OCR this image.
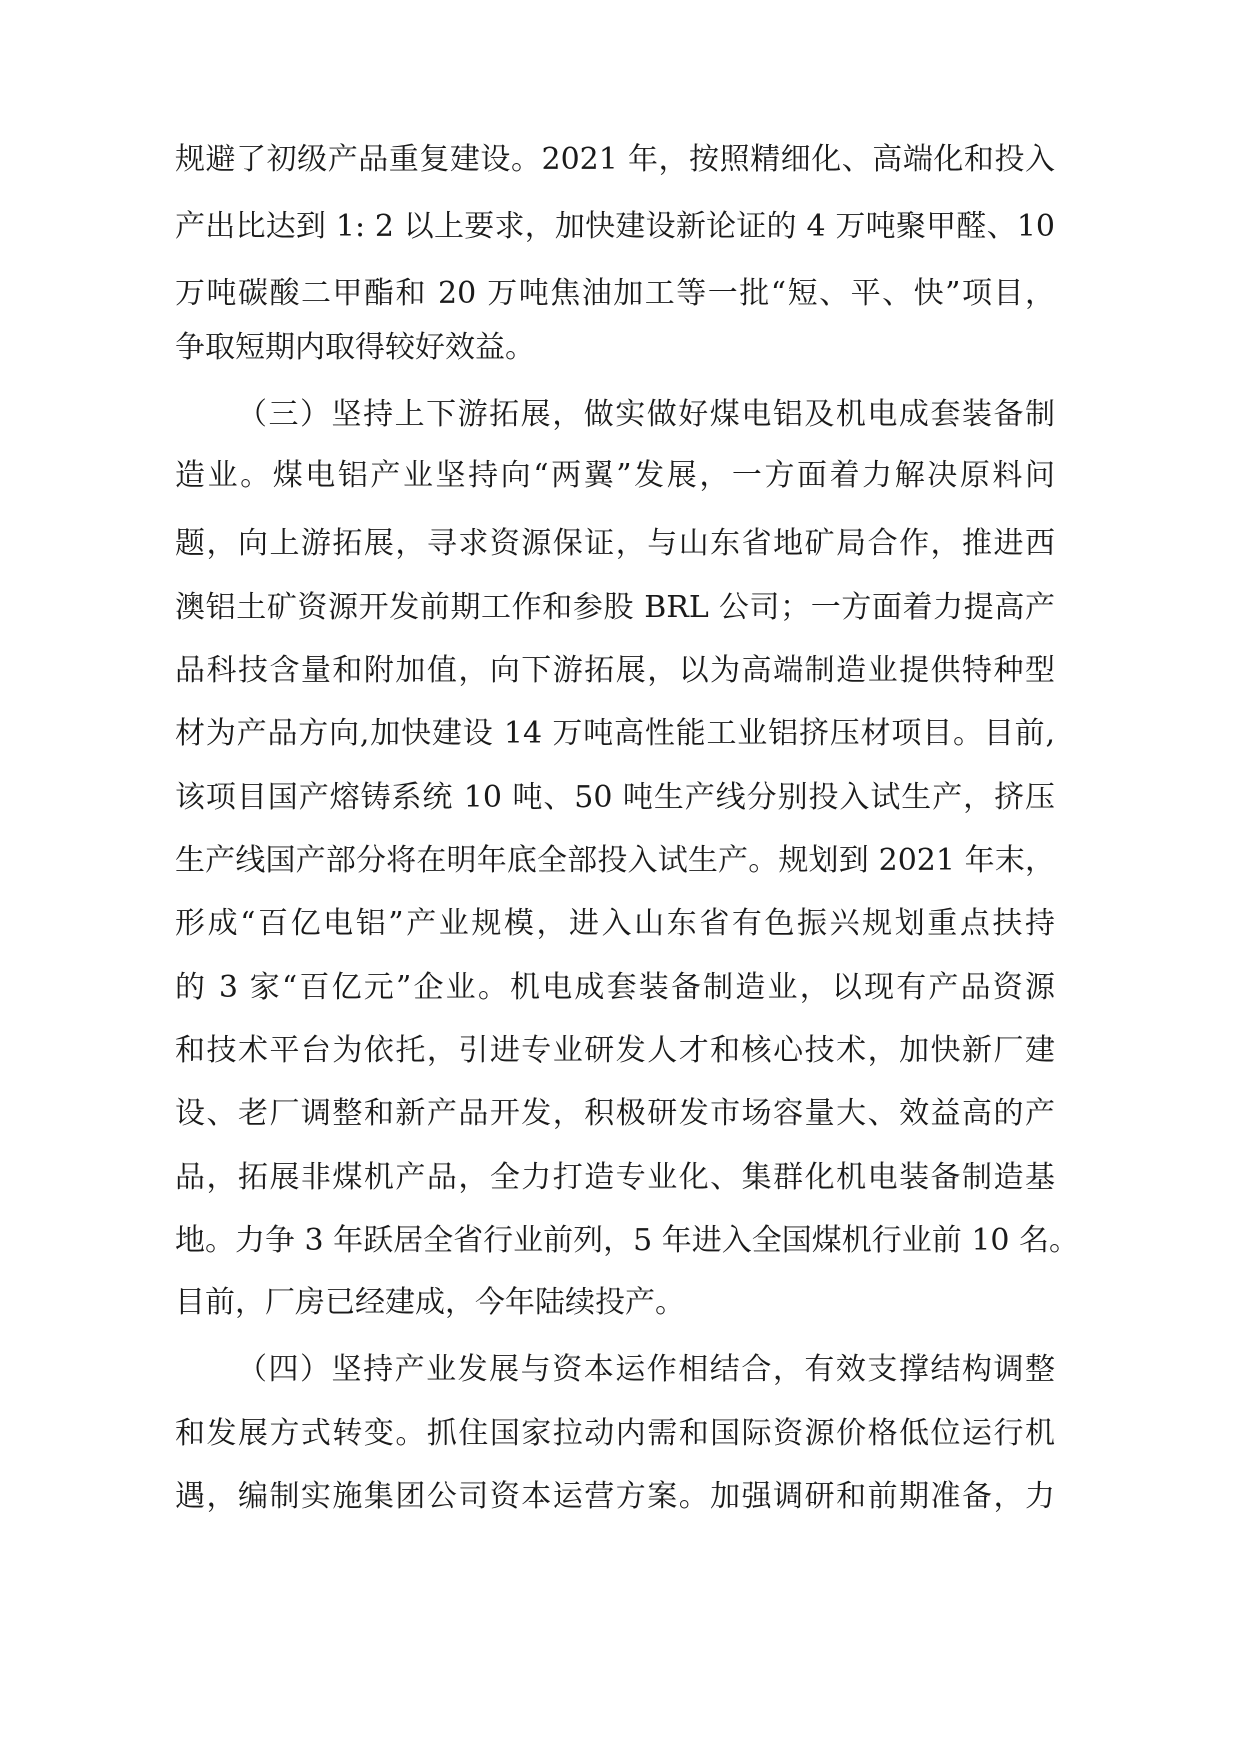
规避了初级产品重复建设。2021 年，按照精细化、高端化和投入
产出比达到 1: 2 以上要求，加快建设新论证的 4 万吨聚甲醛、10
万吨碳酸二甲酯和 20 万吨焦油加工等一批“短、平、快”项目，
争取短期内取得较好效益。
（三）坚持上下游拓展，做实做好煤电铝及机电成套装备制
造业。煤电铝产业坚持向“两翼”发展，一方面着力解决原料问
题，向上游拓展，寻求资源保证，与山东省地矿局合作，推进西
澳铝土矿资源开发前期工作和参股 BRL 公司；一方面着力提高产
品科技含量和附加值，向下游拓展，以为高端制造业提供特种型
材为产品方向,加快建设 14 万吨高性能工业铝挤压材项目。目前,
该项目国产熔铸系统 10 吨、50 吨生产线分别投入试生产，挤压
生产线国产部分将在明年底全部投入试生产。规划到 2021 年末，
形成“百亿电铝”产业规模，进入山东省有色振兴规划重点扶持
的 3 家“百亿元”企业。机电成套装备制造业，以现有产品资源
和技术平台为依托，引进专业研发人才和核心技术，加快新厂建
设、老厂调整和新产品开发，积极研发市场容量大、效益高的产
品，拓展非煤机产品，全力打造专业化、集群化机电装备制造基
地。力争 3 年跃居全省行业前列，5 年进入全国煤机行业前 10 名。
目前，厂房已经建成，今年陆续投产。
（四）坚持产业发展与资本运作相结合，有效支撑结构调整
和发展方式转变。抓住国家拉动内需和国际资源价格低位运行机
遇，编制实施集团公司资本运营方案。加强调研和前期准备，力
